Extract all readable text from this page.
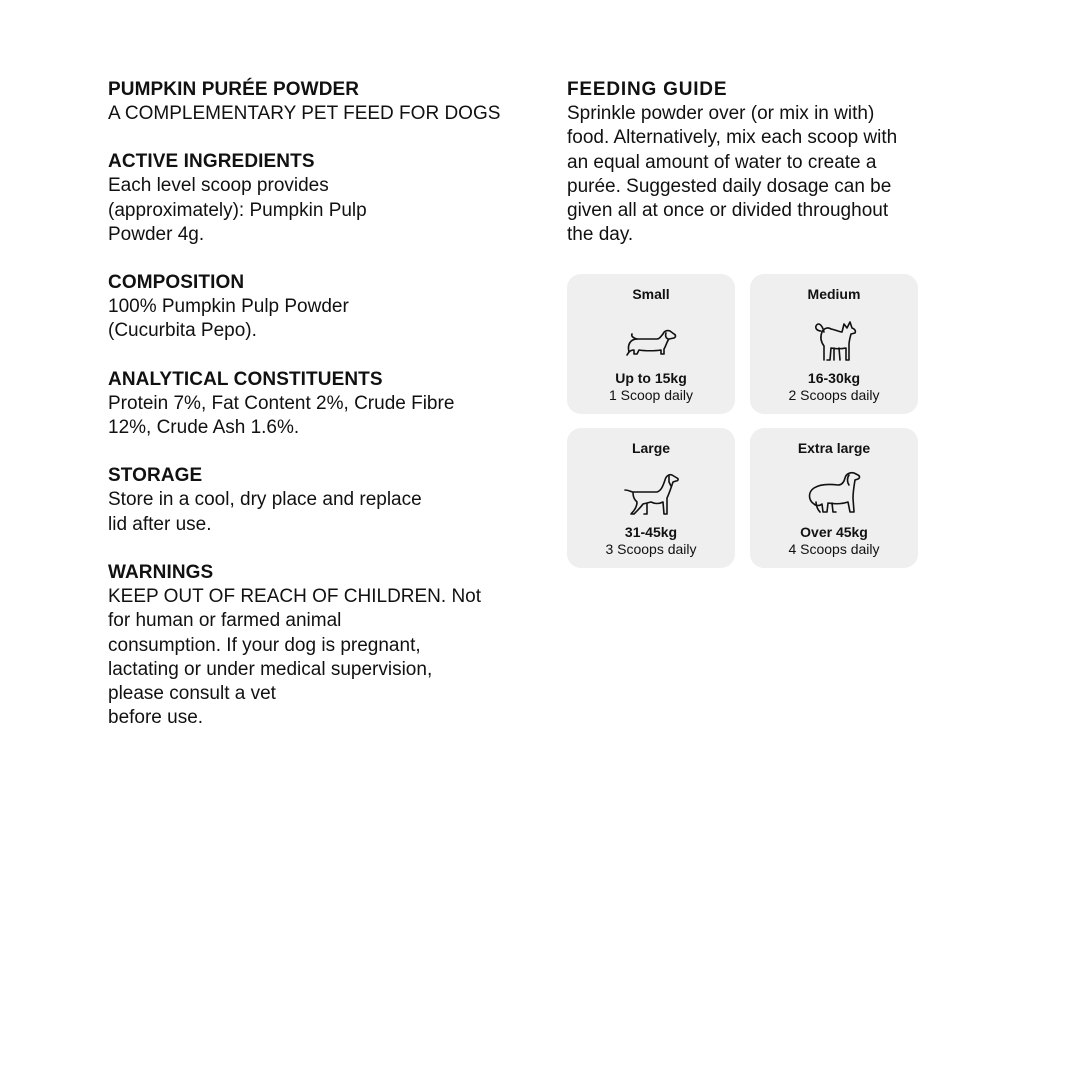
PUMPKIN PURÉE POWDER

A COMPLEMENTARY PET FEED FOR DOGS

ACTIVE INGREDIENTS

Each level scoop provides
(approximately): Pumpkin Pulp
Powder 4g.

COMPOSITION

100% Pumpkin Pulp Powder
(Cucurbita Pepo).

ANALYTICAL CONSTITUENTS

Protein 7%, Fat Content 2%, Crude Fibre
12%, Crude Ash 1.6%.

STORAGE

Store in a cool, dry place and replace
lid after use.

WARNINGS

KEEP OUT OF REACH OF CHILDREN. Not
for human or farmed animal
consumption. If your dog is pregnant,
lactating or under medical supervision,
please consult a vet
before use.

FEEDING GUIDE

Sprinkle powder over (or mix in with)
food. Alternatively, mix each scoop with
an equal amount of water to create a
purée. Suggested daily dosage can be
given all at once or divided throughout
the day.

Small
Up to 15kg
1 Scoop daily
Medium
16-30kg
2 Scoops daily
Large
31-45kg
3 Scoops daily
Extra large
Over 45kg
4 Scoops daily
